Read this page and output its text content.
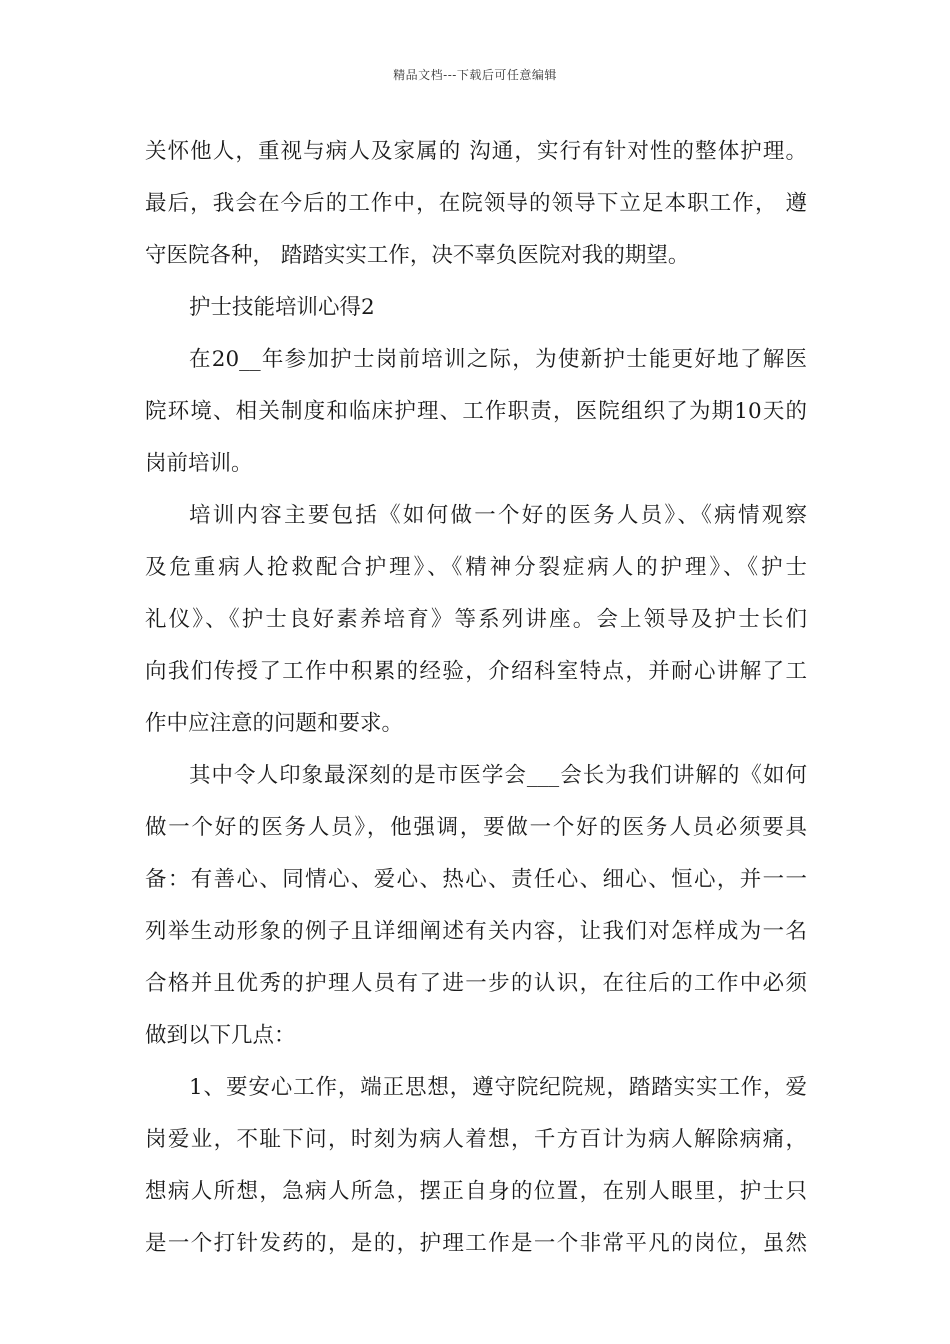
精品文档---下载后可任意编辑
关怀他人，重视与病人及家属的 沟通，实行有针对性的整体护理。
最后，我会在今后的工作中，在院领导的领导下立足本职工作， 遵
守医院各种， 踏踏实实工作，决不辜负医院对我的期望。
护士技能培训心得2
在20__年参加护士岗前培训之际，为使新护士能更好地了解医
院环境、相关制度和临床护理、工作职责，医院组织了为期10天的
岗前培训。
培训内容主要包括《如何做一个好的医务人员》、《病情观察
及危重病人抢救配合护理》、《精神分裂症病人的护理》、《护士
礼仪》、《护士良好素养培育》等系列讲座。会上领导及护士长们
向我们传授了工作中积累的经验，介绍科室特点，并耐心讲解了工
作中应注意的问题和要求。
其中令人印象最深刻的是市医学会___会长为我们讲解的《如何
做一个好的医务人员》，他强调，要做一个好的医务人员必须要具
备：有善心、同情心、爱心、热心、责任心、细心、恒心，并一一
列举生动形象的例子且详细阐述有关内容，让我们对怎样成为一名
合格并且优秀的护理人员有了进一步的认识，在往后的工作中必须
做到以下几点：
1、要安心工作，端正思想，遵守院纪院规，踏踏实实工作，爱
岗爱业，不耻下问，时刻为病人着想，千方百计为病人解除病痛，
想病人所想，急病人所急，摆正自身的位置，在别人眼里，护士只
是一个打针发药的，是的，护理工作是一个非常平凡的岗位，虽然
